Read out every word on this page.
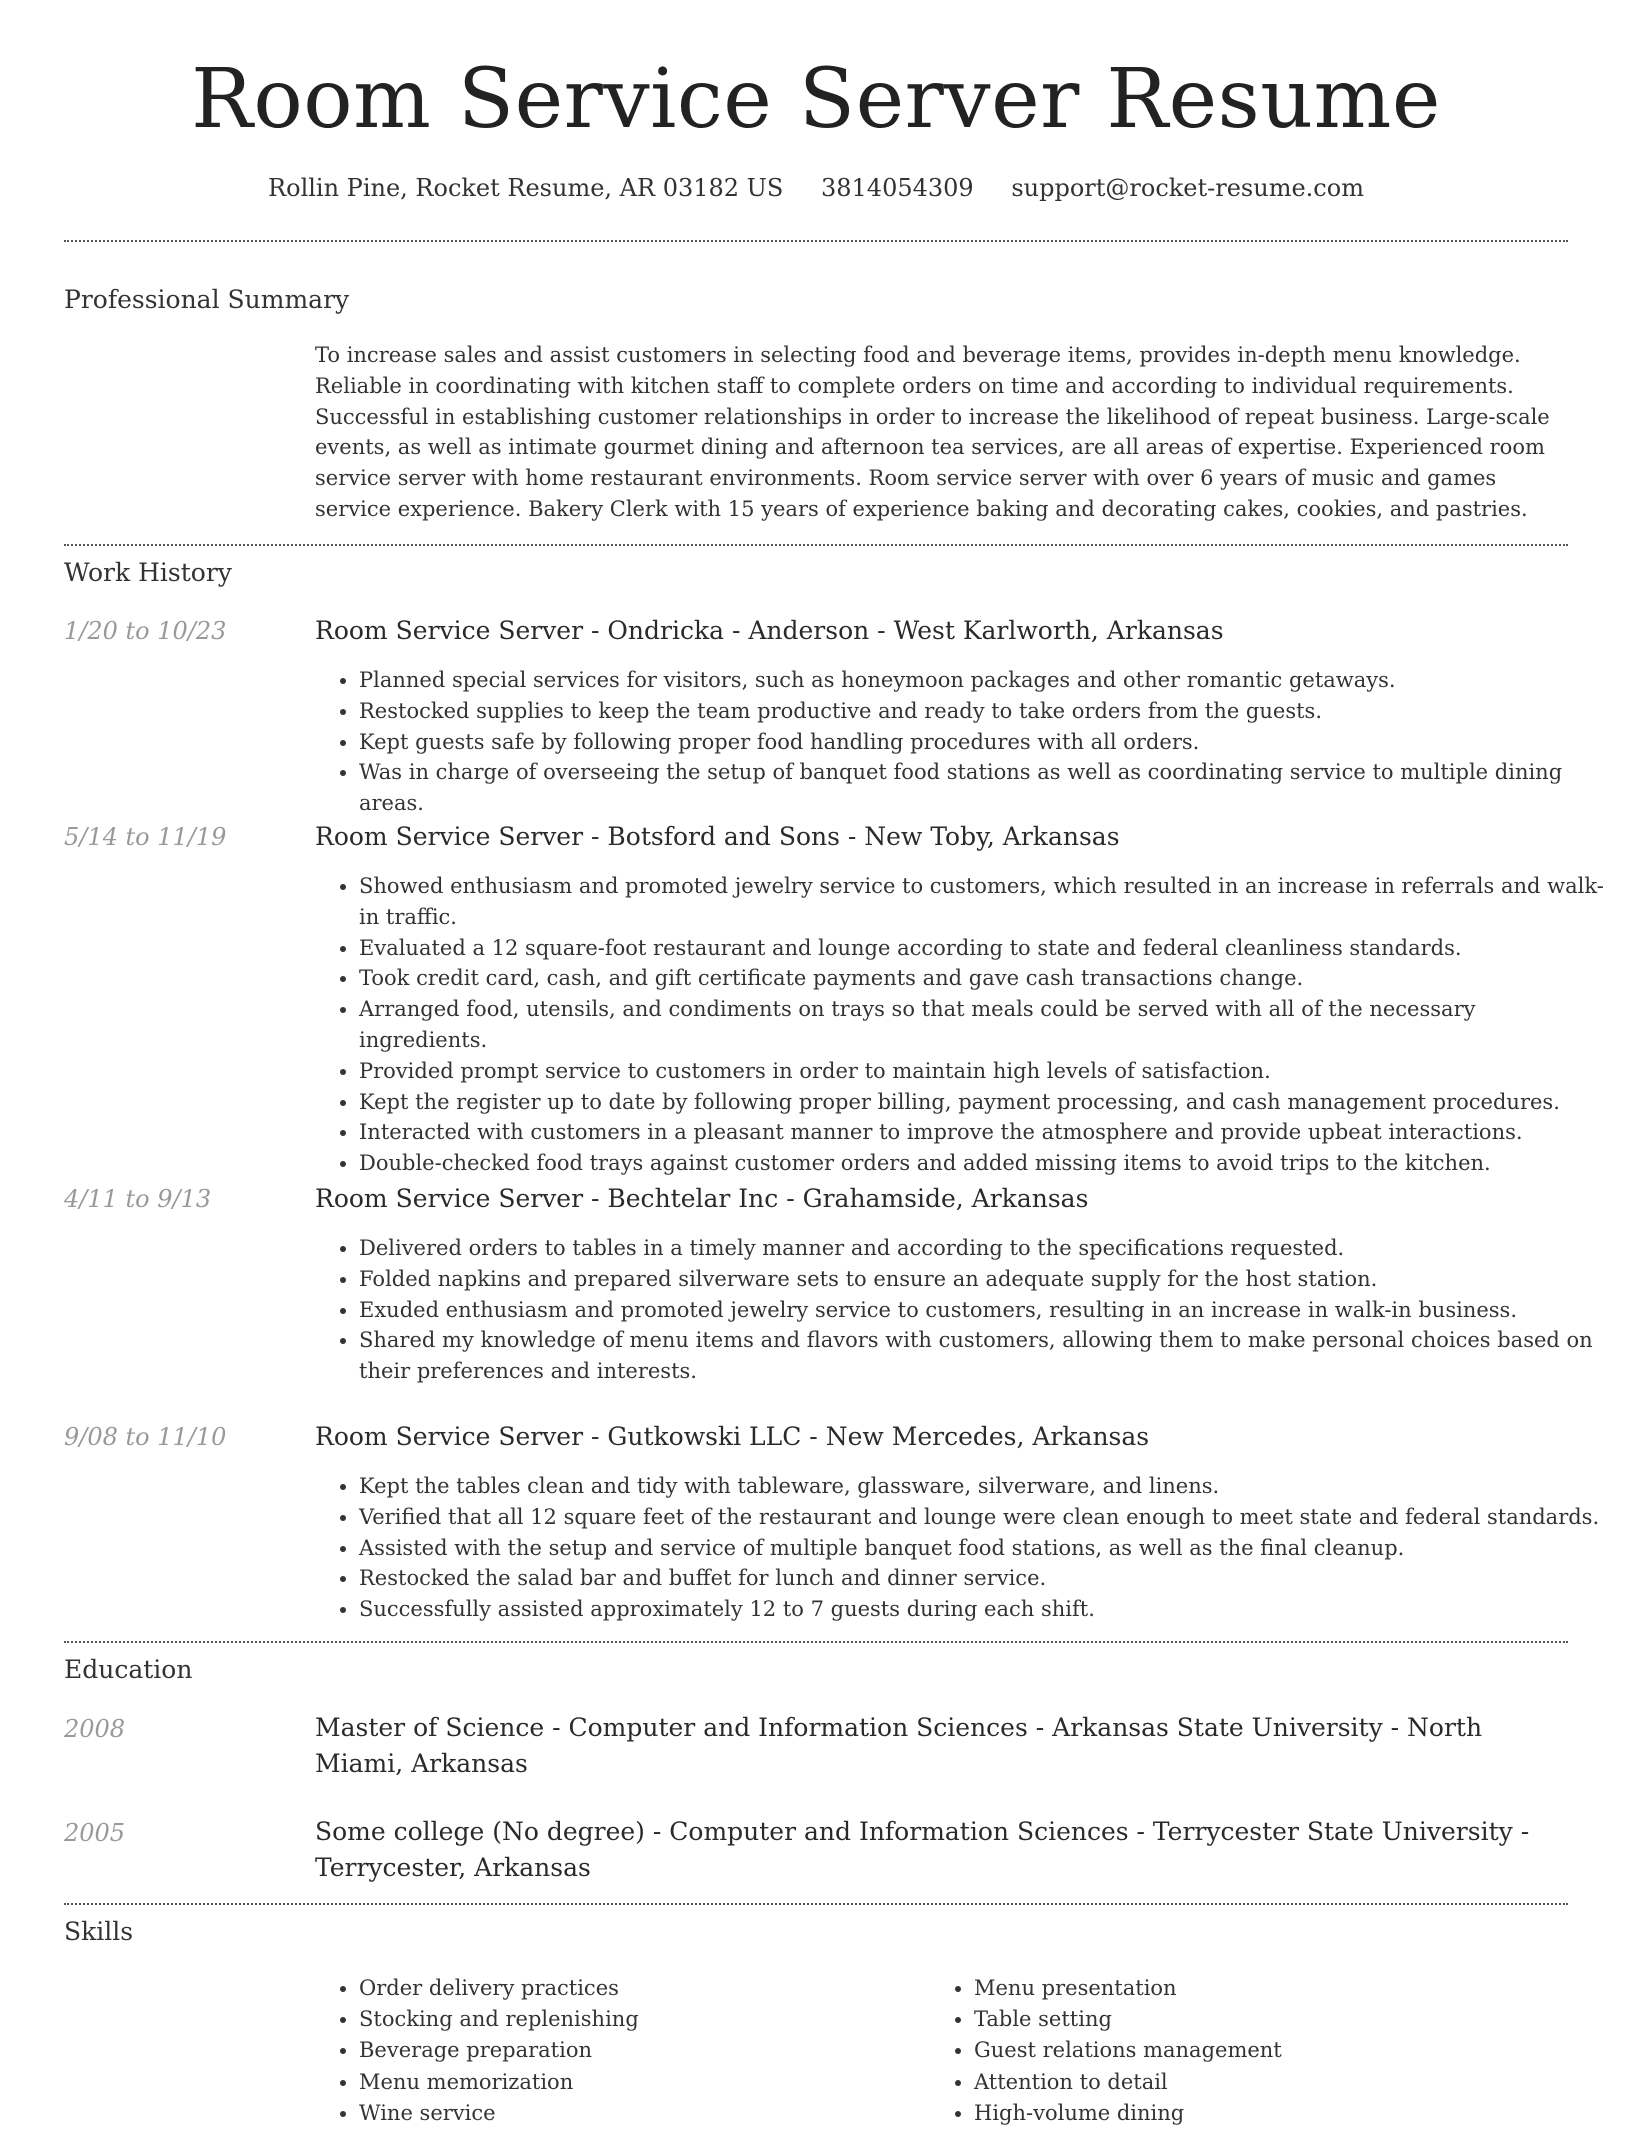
Room Service Server Resume
Rollin Pine, Rocket Resume, AR 03182 US 3814054309 support@rocket-resume.com
Professional Summary

To increase sales and assist customers in selecting food and beverage items, provides in-depth menu knowledge. Reliable in coordinating with kitchen staff to complete orders on time and according to individual requirements. Successful in establishing customer relationships in order to increase the likelihood of repeat business. Large-scale events, as well as intimate gourmet dining and afternoon tea services, are all areas of expertise. Experienced room service server with home restaurant environments. Room service server with over 6 years of music and games service experience. Bakery Clerk with 15 years of experience baking and decorating cakes, cookies, and pastries.

Work History
1/20 to 10/23	Room Service Server - Ondricka - Anderson - West Karlworth, Arkansas
• Planned special services for visitors, such as honeymoon packages and other romantic getaways.
• Restocked supplies to keep the team productive and ready to take orders from the guests.
• Kept guests safe by following proper food handling procedures with all orders.
• Was in charge of overseeing the setup of banquet food stations as well as coordinating service to multiple dining areas.
5/14 to 11/19	Room Service Server - Botsford and Sons - New Toby, Arkansas
• Showed enthusiasm and promoted jewelry service to customers, which resulted in an increase in referrals and walk-in traffic.
• Evaluated a 12 square-foot restaurant and lounge according to state and federal cleanliness standards.
• Took credit card, cash, and gift certificate payments and gave cash transactions change.
• Arranged food, utensils, and condiments on trays so that meals could be served with all of the necessary ingredients.
• Provided prompt service to customers in order to maintain high levels of satisfaction.
• Kept the register up to date by following proper billing, payment processing, and cash management procedures.
• Interacted with customers in a pleasant manner to improve the atmosphere and provide upbeat interactions.
• Double-checked food trays against customer orders and added missing items to avoid trips to the kitchen.
4/11 to 9/13	Room Service Server - Bechtelar Inc - Grahamside, Arkansas
• Delivered orders to tables in a timely manner and according to the specifications requested.
• Folded napkins and prepared silverware sets to ensure an adequate supply for the host station.
• Exuded enthusiasm and promoted jewelry service to customers, resulting in an increase in walk-in business.
• Shared my knowledge of menu items and flavors with customers, allowing them to make personal choices based on their preferences and interests.
9/08 to 11/10	Room Service Server - Gutkowski LLC - New Mercedes, Arkansas
• Kept the tables clean and tidy with tableware, glassware, silverware, and linens.
• Verified that all 12 square feet of the restaurant and lounge were clean enough to meet state and federal standards.
• Assisted with the setup and service of multiple banquet food stations, as well as the final cleanup.
• Restocked the salad bar and buffet for lunch and dinner service.
• Successfully assisted approximately 12 to 7 guests during each shift.
Education
2008	Master of Science - Computer and Information Sciences - Arkansas State University - North Miami, Arkansas
2005	Some college (No degree) - Computer and Information Sciences - Terrycester State University - Terrycester, Arkansas
Skills
• Order delivery practices
• Stocking and replenishing
• Beverage preparation
• Menu memorization
• Wine service
• Menu presentation
• Table setting
• Guest relations management
• Attention to detail
• High-volume dining
